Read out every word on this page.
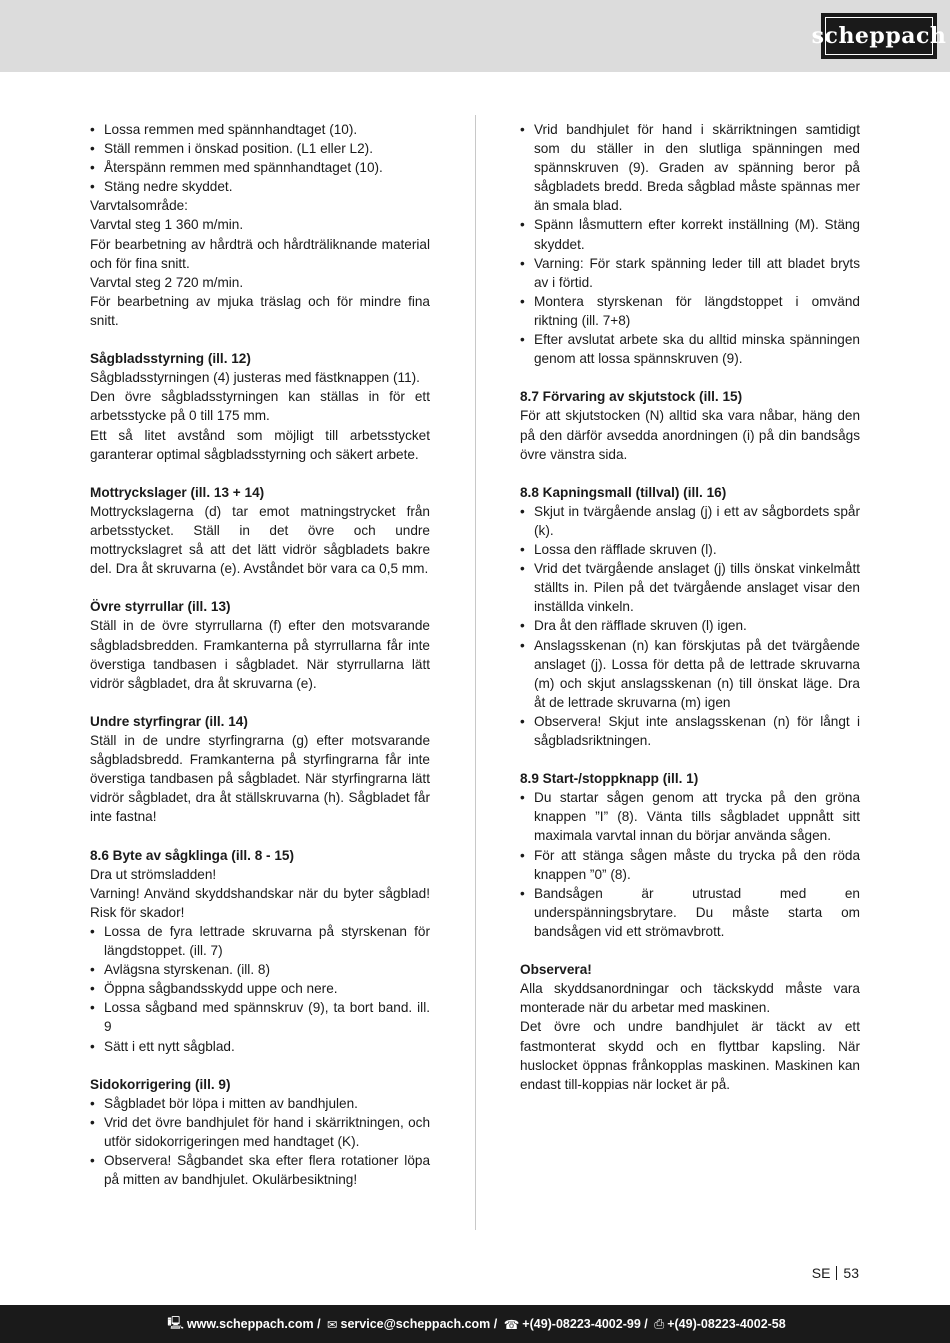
scheppach
• Lossa remmen med spännhandtaget (10).
• Ställ remmen i önskad position. (L1 eller L2).
• Återspänn remmen med spännhandtaget (10).
• Stäng nedre skyddet.

Varvtalsområde:

Varvtal steg 1 360 m/min.

För bearbetning av hårdträ och hårdträliknande material och för fina snitt.

Varvtal steg 2 720 m/min.

För bearbetning av mjuka träslag och för mindre fina snitt.

Sågbladsstyrning (ill. 12)

Sågbladsstyrningen (4) justeras med fästknappen (11).

Den övre sågbladsstyrningen kan ställas in för ett arbetsstycke på 0 till 175 mm.

Ett så litet avstånd som möjligt till arbetsstycket garanterar optimal sågbladsstyrning och säkert arbete.

Mottryckslager (ill. 13 + 14)

Mottryckslagerna (d) tar emot matningstrycket från arbetsstycket. Ställ in det övre och undre mottryckslagret så att det lätt vidrör sågbladets bakre del. Dra åt skruvarna (e). Avståndet bör vara ca 0,5 mm.

Övre styrrullar (ill. 13)

Ställ in de övre styrrullarna (f) efter den motsvarande sågbladsbredden. Framkanterna på styrrullarna får inte överstiga tandbasen i sågbladet. När styrrullarna lätt vidrör sågbladet, dra åt skruvarna (e).

Undre styrfingrar (ill. 14)

Ställ in de undre styrfingrarna (g) efter motsvarande sågbladsbredd. Framkanterna på styrfingrarna får inte överstiga tandbasen på sågbladet. När styrfingrarna lätt vidrör sågbladet, dra åt ställskruvarna (h). Sågbladet får inte fastna!

8.6 Byte av sågklinga (ill. 8 - 15)

Dra ut strömsladden!

Varning! Använd skyddshandskar när du byter sågblad! Risk för skador!

• Lossa de fyra lettrade skruvarna på styrskenan för längdstoppet. (ill. 7)
• Avlägsna styrskenan. (ill. 8)
• Öppna sågbandsskydd uppe och nere.
• Lossa sågband med spännskruv (9), ta bort band. ill. 9
• Sätt i ett nytt sågblad.
Sidokorrigering (ill. 9)
• Sågbladet bör löpa i mitten av bandhjulen.
• Vrid det övre bandhjulet för hand i skärriktningen, och utför sidokorrigeringen med handtaget (K).
• Observera! Sågbandet ska efter flera rotationer löpa på mitten av bandhjulet. Okulärbesiktning!
• Vrid bandhjulet för hand i skärriktningen samtidigt som du ställer in den slutliga spänningen med spännskruven (9). Graden av spänning beror på sågbladets bredd. Breda sågblad måste spännas mer än smala blad.
• Spänn låsmuttern efter korrekt inställning (M). Stäng skyddet.
• Varning: För stark spänning leder till att bladet bryts av i förtid.
• Montera styrskenan för längdstoppet i omvänd riktning (ill. 7+8)
• Efter avslutat arbete ska du alltid minska spänningen genom att lossa spännskruven (9).
8.7 Förvaring av skjutstock (ill. 15)

För att skjutstocken (N) alltid ska vara nåbar, häng den på den därför avsedda anordningen (i) på din bandsågs övre vänstra sida.

8.8 Kapningsmall (tillval) (ill. 16)
• Skjut in tvärgående anslag (j) i ett av sågbordets spår (k).
• Lossa den räfflade skruven (l).
• Vrid det tvärgående anslaget (j) tills önskat vinkelmått ställts in. Pilen på det tvärgående anslaget visar den inställda vinkeln.
• Dra åt den räfflade skruven (l) igen.
• Anslagsskenan (n) kan förskjutas på det tvärgående anslaget (j). Lossa för detta på de lettrade skruvarna (m) och skjut anslagsskenan (n) till önskat läge. Dra åt de lettrade skruvarna (m) igen
• Observera! Skjut inte anslagsskenan (n) för långt i sågbladsriktningen.
8.9 Start-/stoppknapp (ill. 1)
• Du startar sågen genom att trycka på den gröna knappen ”I” (8). Vänta tills sågbladet uppnått sitt maximala varvtal innan du börjar använda sågen.
• För att stänga sågen måste du trycka på den röda knappen ”0” (8).
• Bandsågen är utrustad med en underspänningsbrytare. Du måste starta om bandsågen vid ett strömavbrott.
Observera!

Alla skyddsanordningar och täckskydd måste vara monterade när du arbetar med maskinen.

Det övre och undre bandhjulet är täckt av ett fastmonterat skydd och en flyttbar kapsling. När huslocket öppnas frånkopplas maskinen. Maskinen kan endast till-koppias när locket är på.

SE 53
🖳 www.scheppach.com / ✉ service@scheppach.com / ☎ +(49)-08223-4002-99 / ⎙ +(49)-08223-4002-58
